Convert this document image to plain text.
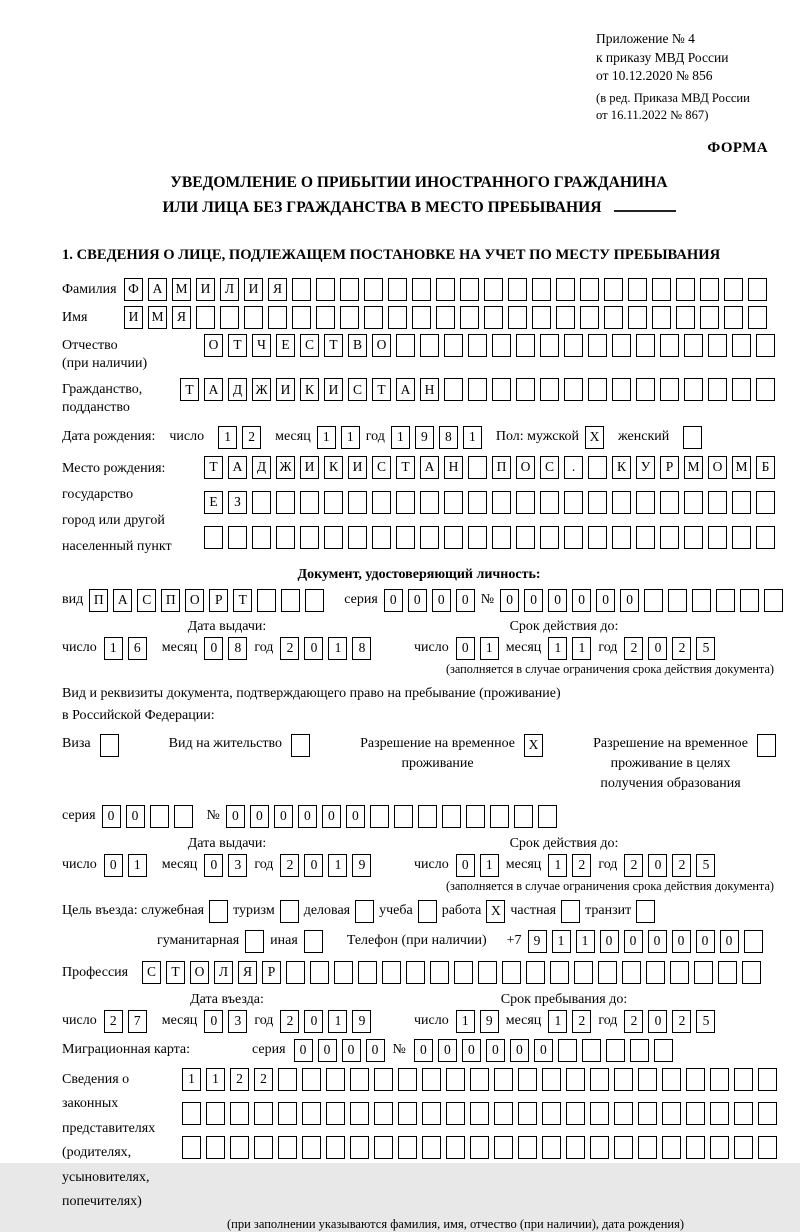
Приложение № 4
к приказу МВД России
от 10.12.2020 № 856
(в ред. Приказа МВД России
от 16.11.2022 № 867)
ФОРМА
УВЕДОМЛЕНИЕ О ПРИБЫТИИ ИНОСТРАННОГО ГРАЖДАНИНА
ИЛИ ЛИЦА БЕЗ ГРАЖДАНСТВА В МЕСТО ПРЕБЫВАНИЯ
1. СВЕДЕНИЯ О ЛИЦЕ, ПОДЛЕЖАЩЕМ ПОСТАНОВКЕ НА УЧЕТ ПО МЕСТУ ПРЕБЫВАНИЯ
Фамилия Ф	А М И	Л	И	Я
Имя	И М Я
Отчество
(при наличии)
О	Т	Ч	Е	С	Т	В	О
Гражданство,
подданство
Т	А	Д Ж И	К	И	С	Т	А	Н
Дата рождения: число	1	2	месяц 1	1 год 1	9	8	1	Пол: мужской X	женский
Место рождения:
государство
город или другой
населенный пункт
Т	А	Д Ж И	К	И	С	Т	А	Н	П	О	С	.	К	У	Р	М О М	Б
Е	З
Документ, удостоверяющий личность:
вид П	А	С	П	О	Р	Т	серия 0	0	0	0 № 0	0	0	0	0	0
Дата выдачи:
число 1	6	месяц 0	8 год 2	0	1	8
Срок действия до:
число 0	1 месяц 1	1 год 2	0	2	5
(заполняется в случае ограничения срока действия документа)
Вид и реквизиты документа, подтверждающего право на пребывание (проживание)
в Российской Федерации:
Виза	Вид на жительство	Разрешение на временное
проживание
X	Разрешение на временное
проживание в целях
получения образования
серия 0	0	№ 0	0	0	0	0	0
Дата выдачи:
число 0	1	месяц 0	3 год 2	0	1	9
Срок действия до:
число 0	1 месяц 1	2 год 2	0	2	5
(заполняется в случае ограничения срока действия документа)
Цель въезда: служебная туризм деловая учеба работа X частная транзит
гуманитарная иная	Телефон (при наличии) +7 9	1	1	0	0	0	0	0	0
Профессия	С	Т	О	Л	Я	Р
Дата въезда:
число 2	7	месяц 0	3 год 2	0	1	9
Срок пребывания до:
число 1	9 месяц 1	2 год 2	0	2	5
Миграционная карта:	серия	0	0	0	0	№	0	0	0	0	0	0
Сведения о
законных
представителях
(родителях,
усыновителях,
попечителях)
1	1	2	2
(при заполнении указываются фамилия, имя, отчество (при наличии), дата рождения)
